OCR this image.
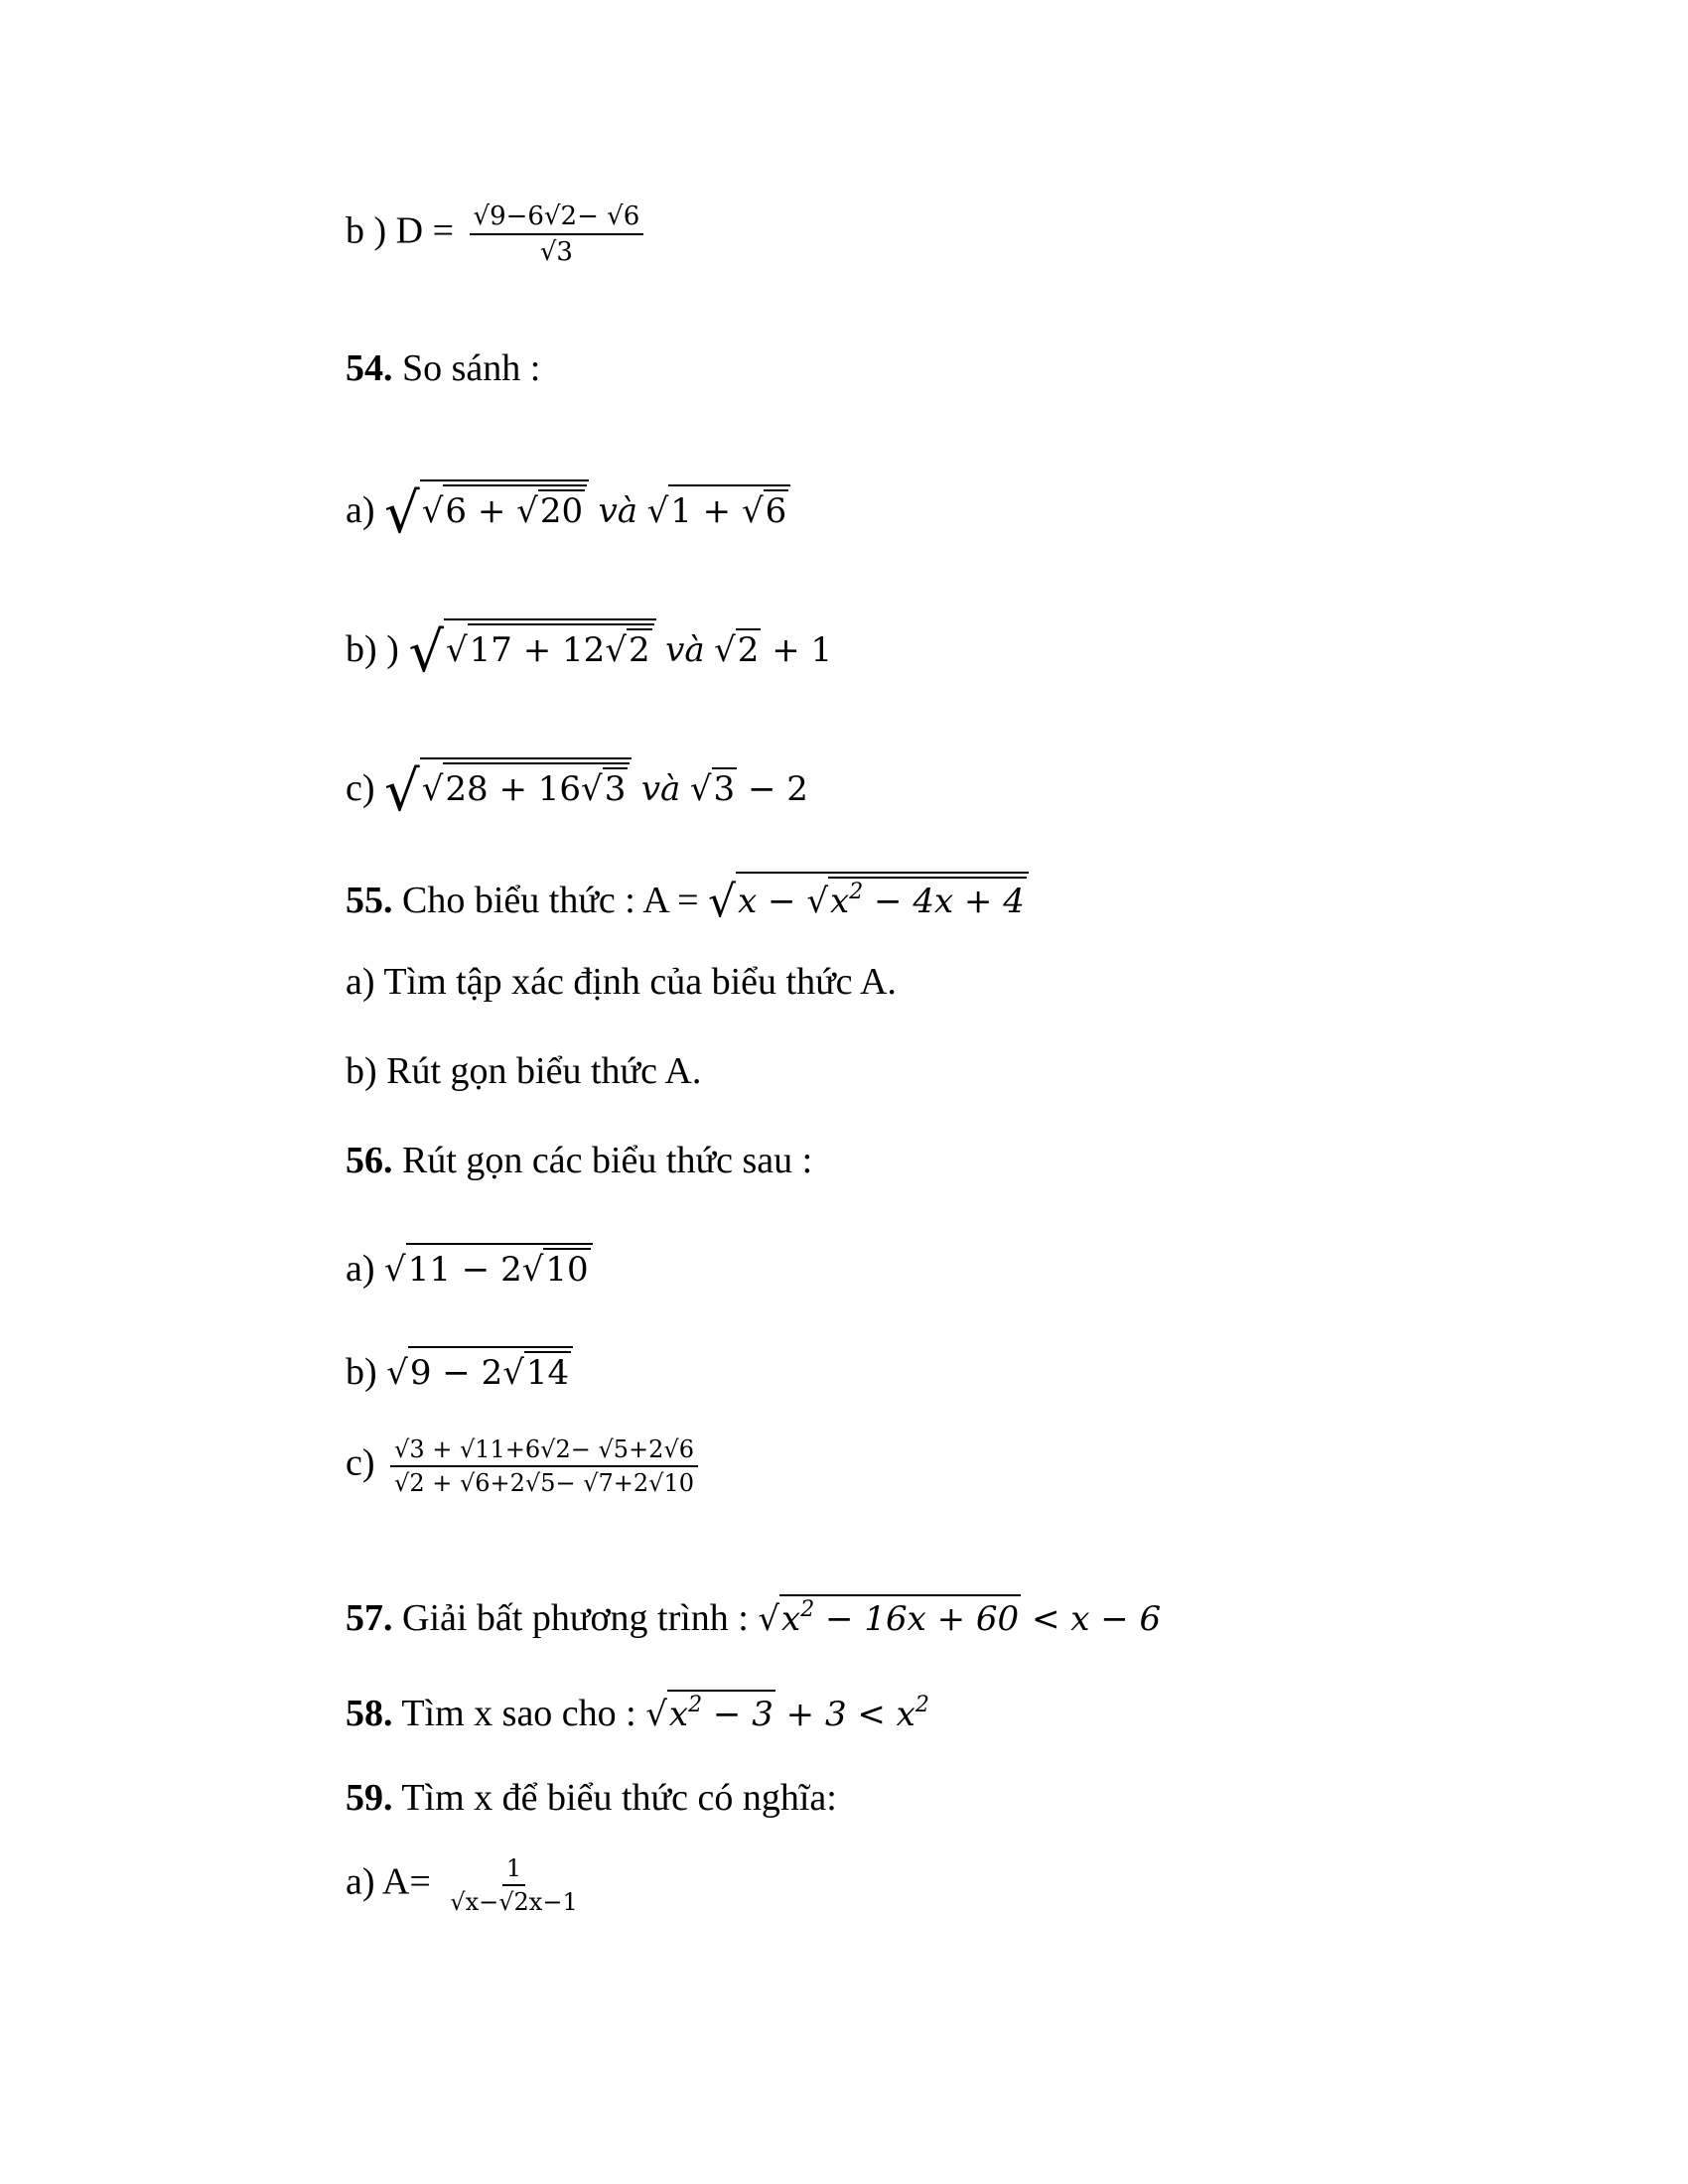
b ) $D = \frac{√9-6√2- √6}{√3}$
54. So sánh :
a) √√6 + √20 và √1 + √6
b) ) √√17 + 12√2 và √2 + 1
c) √√28 + 16√3 và √3 − 2
55. Cho biểu thức : $A = √x - √x^2 - 4x + 4$
a) Tìm tập xác định của biểu thức A.
b) Rút gọn biểu thức A.
56. Rút gọn các biểu thức sau :
a) √11 − 2√10
b) √9 − 2√14
$c) \frac{√3 + √11+6√2- √5+2√6}{√2 + √6+2√5- √7+2√10}$
57. Giải bất phương trình : $√x^2 - 16x + 60 < x - 6$
58. Tìm x sao cho : $√x^2 - 3 + 3 < x^2$
59. Tìm x để biểu thức có nghĩa:
a) $A= \frac{1}{√x-√2x-1}$
